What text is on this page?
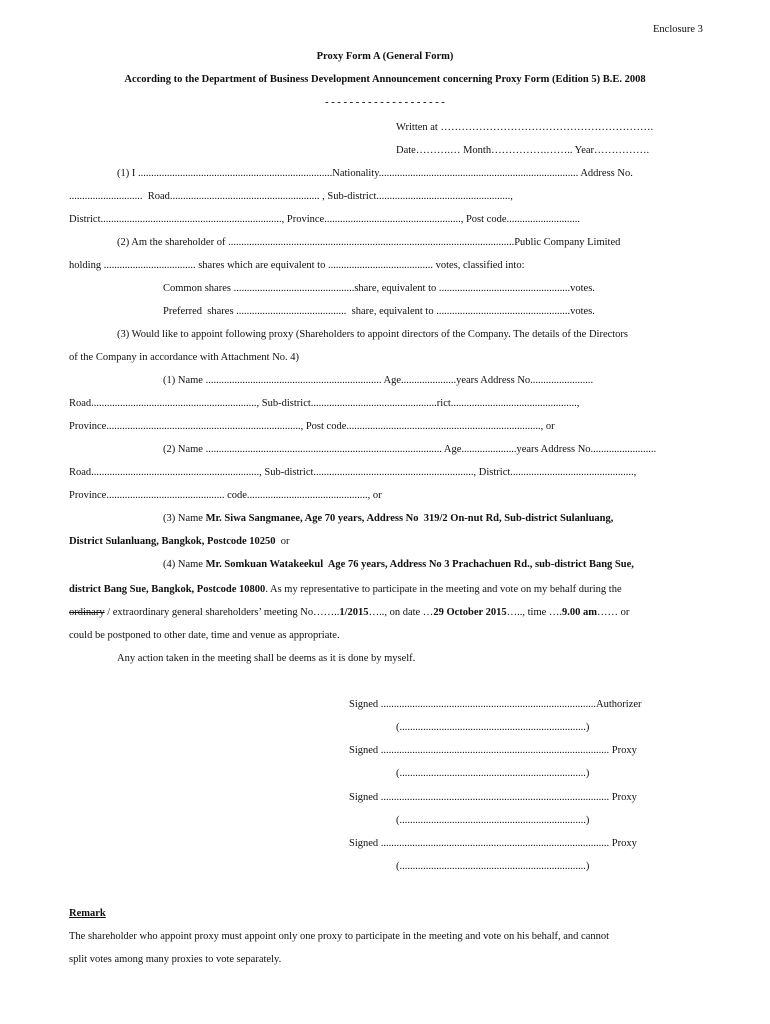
Enclosure 3
Proxy Form A (General Form)
According to the Department of Business Development Announcement concerning Proxy Form (Edition 5) B.E. 2008
- - - - - - - - - - - - - - - - - - - -
Written at …………………………………………………….
Date……….… Month…………….…….. Year…………….
(1) I ..........................................................................Nationality............................................................................ Address No.
............................  Road......................................................... , Sub-district...................................................,
District....................................................................., Province...................................................., Post code............................
(2) Am the shareholder of .............................................................................................................Public Company Limited
holding ................................... shares which are equivalent to ........................................ votes, classified into:
Common shares ..............................................share, equivalent to ..................................................votes.
Preferred  shares ..........................................  share, equivalent to ...................................................votes.
(3) Would like to appoint following proxy (Shareholders to appoint directors of the Company. The details of the Directors
of the Company in accordance with Attachment No. 4)
(1) Name ................................................................... Age.....................years Address No........................
Road..............................................................., Sub-district................................................rict................................................,
Province.........................................................................., Post code.........................................................................., or
(2) Name .......................................................................................... Age.....................years Address No.........................
Road................................................................, Sub-district............................................................., District...............................................,
Province............................................. code.............................................., or
(3) Name Mr. Siwa Sangmanee, Age 70 years, Address No  319/2 On-nut Rd, Sub-district Sulanluang,
District Sulanluang, Bangkok, Postcode 10250  or
(4) Name Mr. Somkuan Watakeekul  Age 76 years, Address No 3 Prachachuen Rd., sub-district Bang Sue,
district Bang Sue, Bangkok, Postcode 10800. As my representative to participate in the meeting and vote on my behalf during the
ordinary / extraordinary general shareholders’ meeting No……..1/2015….., on date …29 October 2015….., time ….9.00 am…… or
could be postponed to other date, time and venue as appropriate.
Any action taken in the meeting shall be deems as it is done by myself.
Signed ..................................................................................Authorizer
(.......................................................................)
Signed ....................................................................................... Proxy
(.......................................................................)
Signed ....................................................................................... Proxy
(.......................................................................)
Signed ....................................................................................... Proxy
(.......................................................................)
Remark
The shareholder who appoint proxy must appoint only one proxy to participate in the meeting and vote on his behalf, and cannot
split votes among many proxies to vote separately.
